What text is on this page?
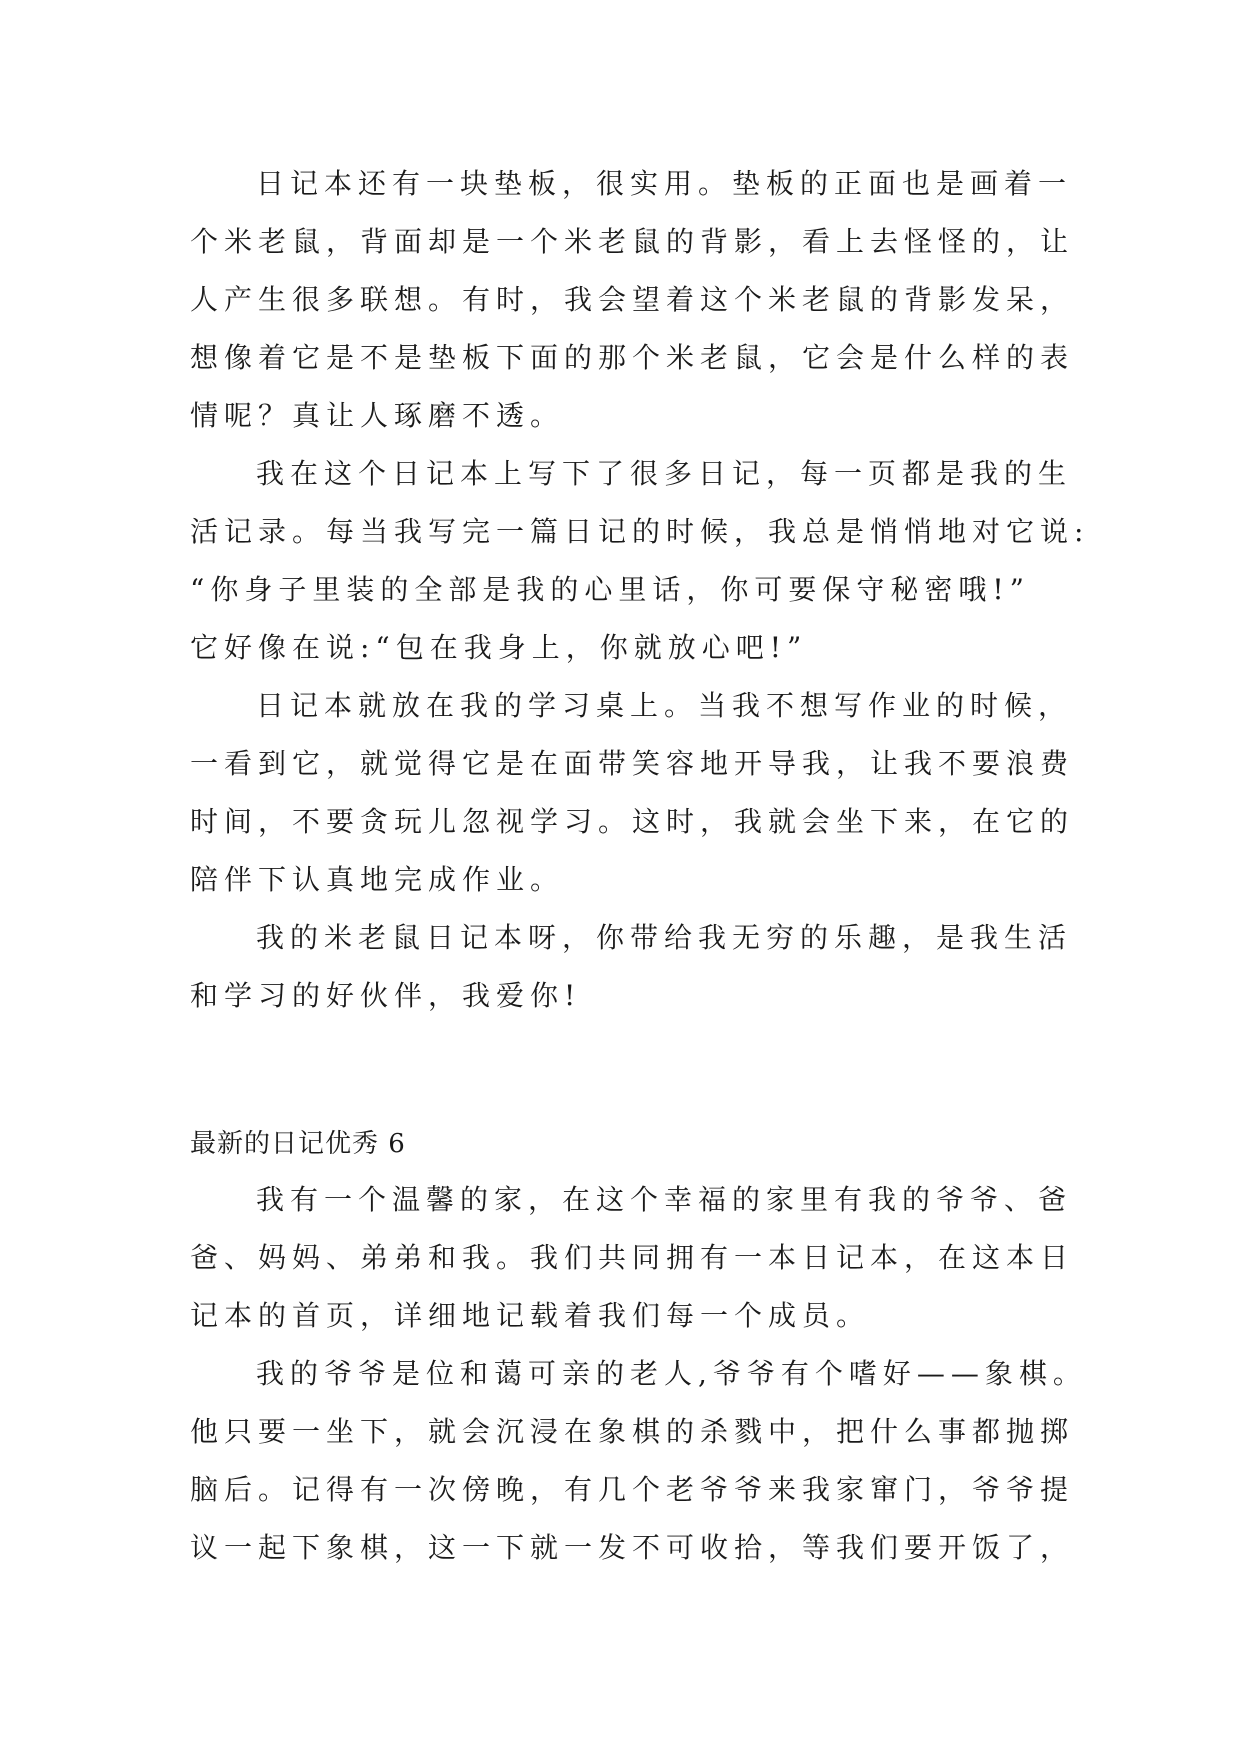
日记本还有一块垫板，很实用。垫板的正面也是画着一
个米老鼠，背面却是一个米老鼠的背影，看上去怪怪的，让
人产生很多联想。有时，我会望着这个米老鼠的背影发呆，
想像着它是不是垫板下面的那个米老鼠，它会是什么样的表
情呢？真让人琢磨不透。
我在这个日记本上写下了很多日记，每一页都是我的生
活记录。每当我写完一篇日记的时候，我总是悄悄地对它说:
“你身子里装的全部是我的心里话，你可要保守秘密哦!”
它好像在说:“包在我身上，你就放心吧!”
日记本就放在我的学习桌上。当我不想写作业的时候，
一看到它，就觉得它是在面带笑容地开导我，让我不要浪费
时间，不要贪玩儿忽视学习。这时，我就会坐下来，在它的
陪伴下认真地完成作业。
我的米老鼠日记本呀，你带给我无穷的乐趣，是我生活
和学习的好伙伴，我爱你!
最新的日记优秀 6
我有一个温馨的家，在这个幸福的家里有我的爷爷、爸
爸、妈妈、弟弟和我。我们共同拥有一本日记本，在这本日
记本的首页，详细地记载着我们每一个成员。
我的爷爷是位和蔼可亲的老人,爷爷有个嗜好——象棋。
他只要一坐下，就会沉浸在象棋的杀戮中，把什么事都抛掷
脑后。记得有一次傍晚，有几个老爷爷来我家窜门，爷爷提
议一起下象棋，这一下就一发不可收拾，等我们要开饭了，
